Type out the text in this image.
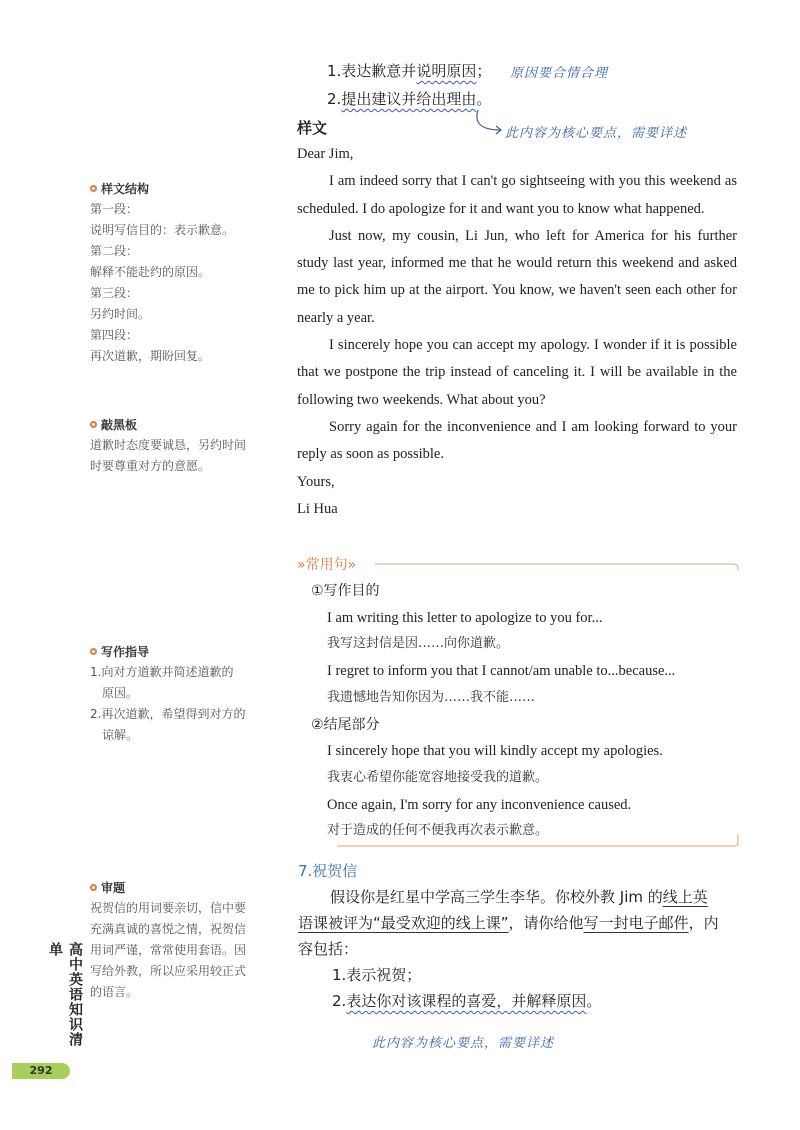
1.表达歉意并说明原因； 原因要合情合理
2.提出建议并给出理由。
此内容为核心要点，需要详述
样文

Dear Jim,

I am indeed sorry that I can't go sightseeing with you this weekend as scheduled. I do apologize for it and want you to know what happened.

Just now, my cousin, Li Jun, who left for America for his further study last year, informed me that he would return this weekend and asked me to pick him up at the airport. You know, we haven't seen each other for nearly a year.

I sincerely hope you can accept my apology. I wonder if it is possible that we postpone the trip instead of canceling it. I will be available in the following two weekends. What about you?

Sorry again for the inconvenience and I am looking forward to your reply as soon as possible.

Yours,

Li Hua

样文结构
第一段：
说明写信目的：表示歉意。
第二段：
解释不能赴约的原因。
第三段：
另约时间。
第四段：
再次道歉，期盼回复。
敲黑板
道歉时态度要诚恳，另约时间
时要尊重对方的意愿。
写作指导
1.向对方道歉并简述道歉的
原因。
2.再次道歉，希望得到对方的
谅解。
审题
祝贺信的用词要亲切，信中要
充满真诚的喜悦之情，祝贺信
用词严谨，常常使用套语。因
写给外教，所以应采用较正式
的语言。
»常用句»
①写作目的
I am writing this letter to apologize to you for...
我写这封信是因……向你道歉。
I regret to inform you that I cannot/am unable to...because...
我遗憾地告知你因为……我不能……
②结尾部分
I sincerely hope that you will kindly accept my apologies.
我衷心希望你能宽容地接受我的道歉。
Once again, I'm sorry for any inconvenience caused.
对于造成的任何不便我再次表示歉意。
7.祝贺信
假设你是红星中学高三学生李华。你校外教 Jim 的线上英
语课被评为“最受欢迎的线上课”，请你给他写一封电子邮件，内
容包括：
1.表示祝贺；
2.表达你对该课程的喜爱，并解释原因。
此内容为核心要点，需要详述
高中英语知识清单
292
